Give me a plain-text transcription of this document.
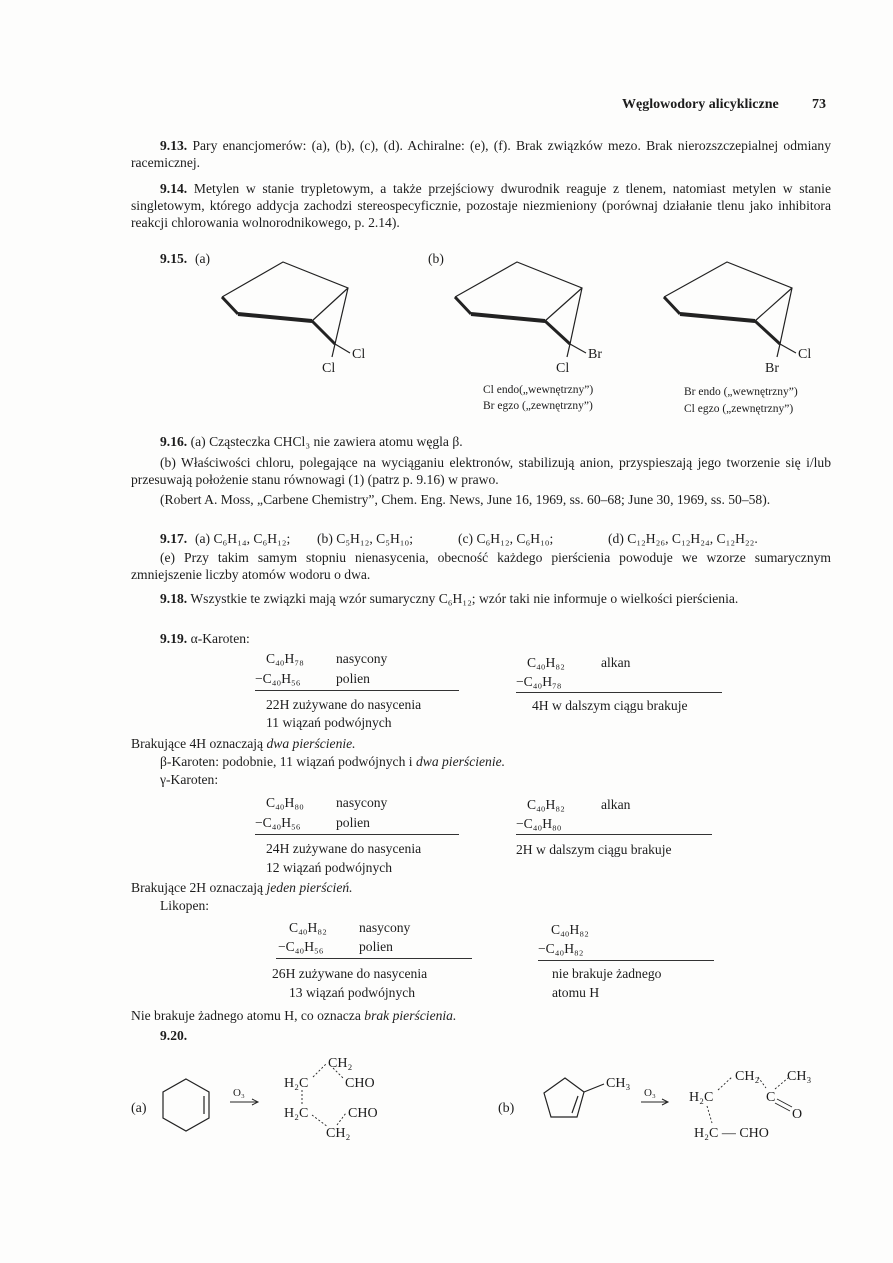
Węglowodory alicykliczne 73
9.13. Pary enancjomerów: (a), (b), (c), (d). Achiralne: (e), (f). Brak związków mezo. Brak nierozszczepialnej odmiany racemicznej.
9.14. Metylen w stanie trypletowym, a także przejściowy dwurodnik reaguje z tlenem, natomiast metylen w stanie singletowym, którego addycja zachodzi stereospecyficznie, pozostaje niezmieniony (porównaj działanie tlenu jako inhibitora reakcji chlorowania wolnorodnikowego, p. 2.14).
9.15. (a)	(b)
Cl
Cl
Br
Cl
Cl
Br
Cl endo(„wewnętrzny”)
Br egzo („zewnętrzny”)
Br endo („wewnętrzny”)
Cl egzo („zewnętrzny”)
9.16. (a) Cząsteczka CHCl₃ nie zawiera atomu węgla β.
(b) Właściwości chloru, polegające na wyciąganiu elektronów, stabilizują anion, przyspieszają jego tworzenie się i/lub przesuwają położenie stanu równowagi (1) (patrz p. 9.16) w prawo.
(Robert A. Moss, „Carbene Chemistry”, Chem. Eng. News, June 16, 1969, ss. 60–68; June 30, 1969, ss. 50–58).
9.17. (a) C₆H₁₄, C₆H₁₂; (b) C₅H₁₂, C₅H₁₀;	(c) C₆H₁₂, C₆H₁₀;	(d) C₁₂H₂₆, C₁₂H₂₄, C₁₂H₂₂.
(e) Przy takim samym stopniu nienasycenia, obecność każdego pierścienia powoduje we wzorze sumarycznym zmniejszenie liczby atomów wodoru o dwa.
9.18. Wszystkie te związki mają wzór sumaryczny C₆H₁₂; wzór taki nie informuje o wielkości pierścienia.
9.19. α-Karoten:
C₄₀H₇₈ nasycony
−C₄₀H₅₆	polien
22H zużywane do nasycenia
11 wiązań podwójnych
C₄₀H₈₂	alkan
−C₄₀H₇₈
4H w dalszym ciągu brakuje
Brakujące 4H oznaczają dwa pierścienie.
β-Karoten: podobnie, 11 wiązań podwójnych i dwa pierścienie.
γ-Karoten:
C₄₀H₈₀ nasycony
−C₄₀H₅₆	polien
24H zużywane do nasycenia
12 wiązań podwójnych
C₄₀H₈₂	alkan
−C₄₀H₈₀
2H w dalszym ciągu brakuje
Brakujące 2H oznaczają jeden pierścień.
Likopen:
C₄₀H₈₂ nasycony
−C₄₀H₅₆	polien
26H zużywane do nasycenia
13 wiązań podwójnych
C₄₀H₈₂
−C₄₀H₈₂
nie brakuje żadnego
atomu H
Nie brakuje żadnego atomu H, co oznacza brak pierścienia.
9.20.
(a)
O₃
CH₂
H₂C	CHO
H₂C	CHO
CH₂
(b)
CH₃
O₃
CH₂ CH₃
H₂C	C
O
H₂C — CHO
